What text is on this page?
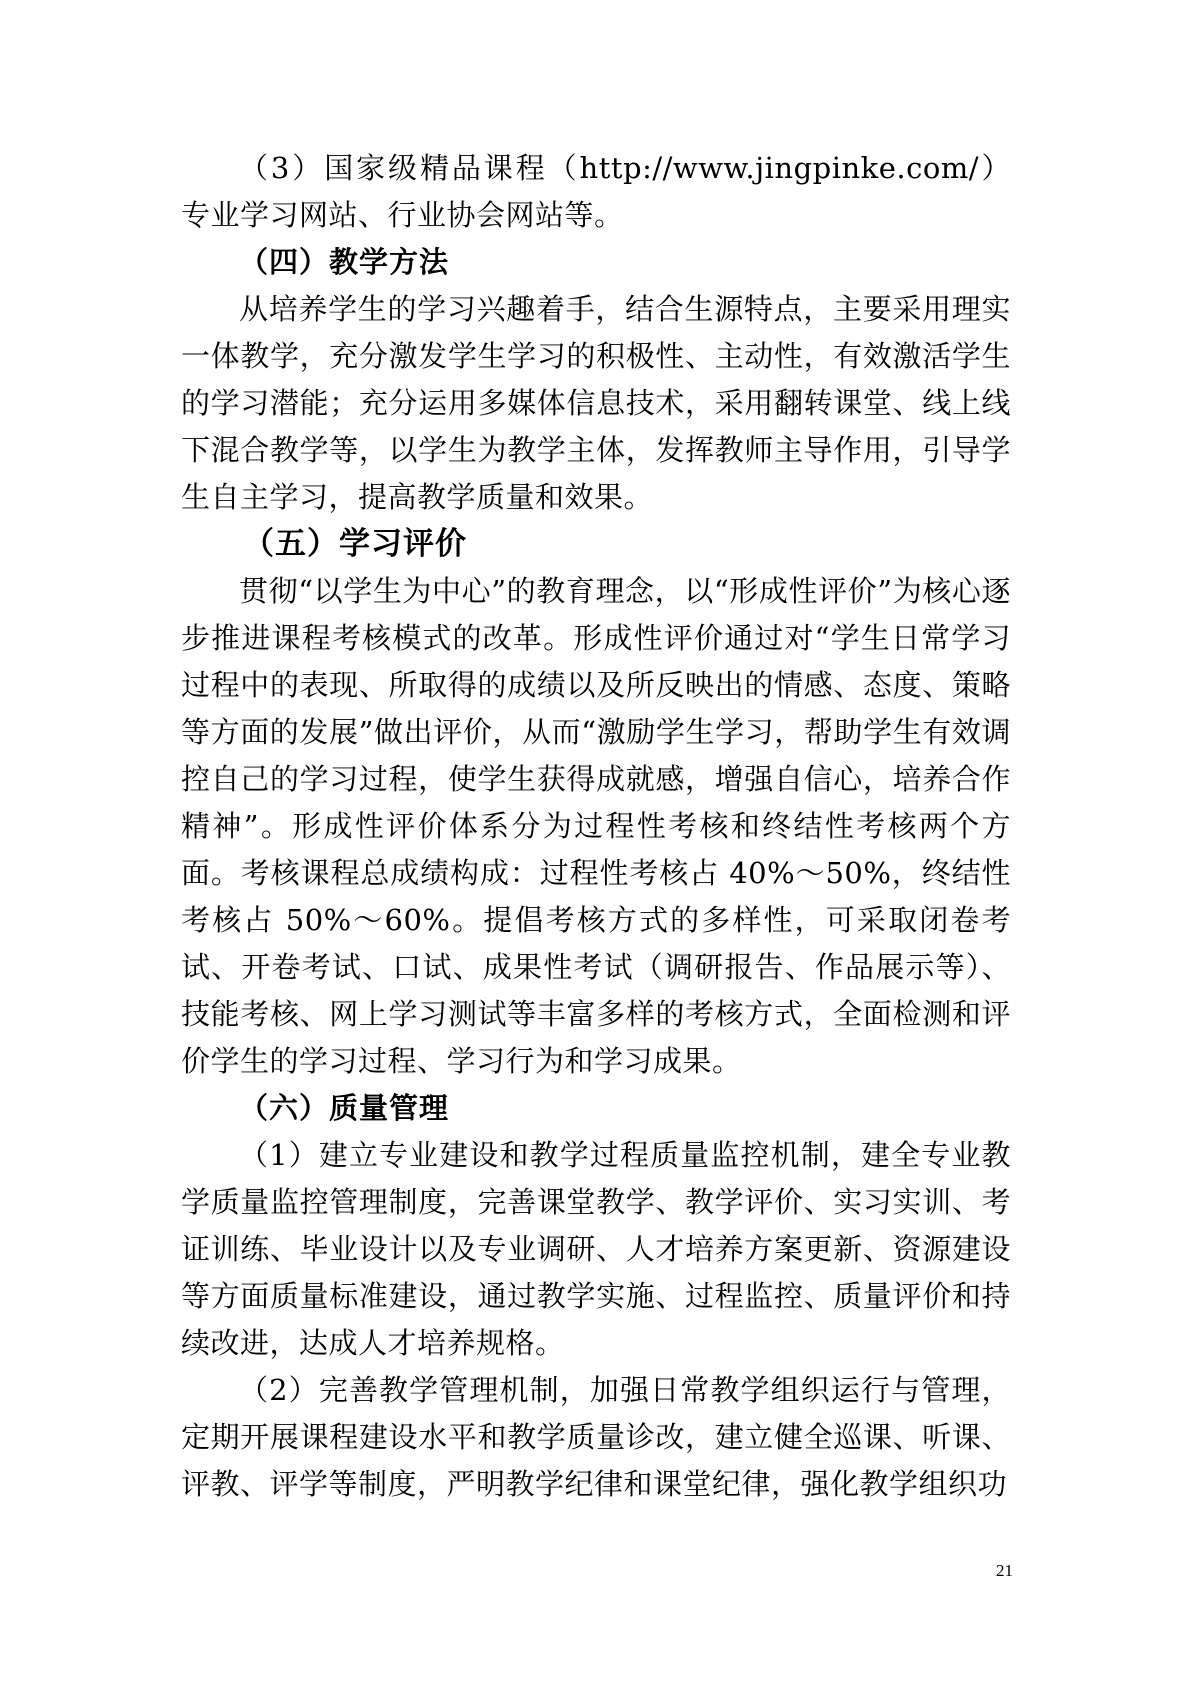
（3）国家级精品课程（http://www.jingpinke.com/）专业学习网站、行业协会网站等。

（四）教学方法

从培养学生的学习兴趣着手，结合生源特点，主要采用理实一体教学，充分激发学生学习的积极性、主动性，有效激活学生的学习潜能；充分运用多媒体信息技术，采用翻转课堂、线上线下混合教学等，以学生为教学主体，发挥教师主导作用，引导学生自主学习，提高教学质量和效果。

（五）学习评价

贯彻“以学生为中心”的教育理念，以“形成性评价”为核心逐步推进课程考核模式的改革。形成性评价通过对“学生日常学习过程中的表现、所取得的成绩以及所反映出的情感、态度、策略等方面的发展”做出评价，从而“激励学生学习，帮助学生有效调控自己的学习过程，使学生获得成就感，增强自信心，培养合作精神”。形成性评价体系分为过程性考核和终结性考核两个方面。考核课程总成绩构成：过程性考核占 40%～50%，终结性考核占 50%～60%。提倡考核方式的多样性，可采取闭卷考试、开卷考试、口试、成果性考试（调研报告、作品展示等）、技能考核、网上学习测试等丰富多样的考核方式，全面检测和评价学生的学习过程、学习行为和学习成果。

（六）质量管理

（1）建立专业建设和教学过程质量监控机制，建全专业教学质量监控管理制度，完善课堂教学、教学评价、实习实训、考证训练、毕业设计以及专业调研、人才培养方案更新、资源建设等方面质量标准建设，通过教学实施、过程监控、质量评价和持续改进，达成人才培养规格。

（2）完善教学管理机制，加强日常教学组织运行与管理，定期开展课程建设水平和教学质量诊改，建立健全巡课、听课、评教、评学等制度，严明教学纪律和课堂纪律，强化教学组织功

21
